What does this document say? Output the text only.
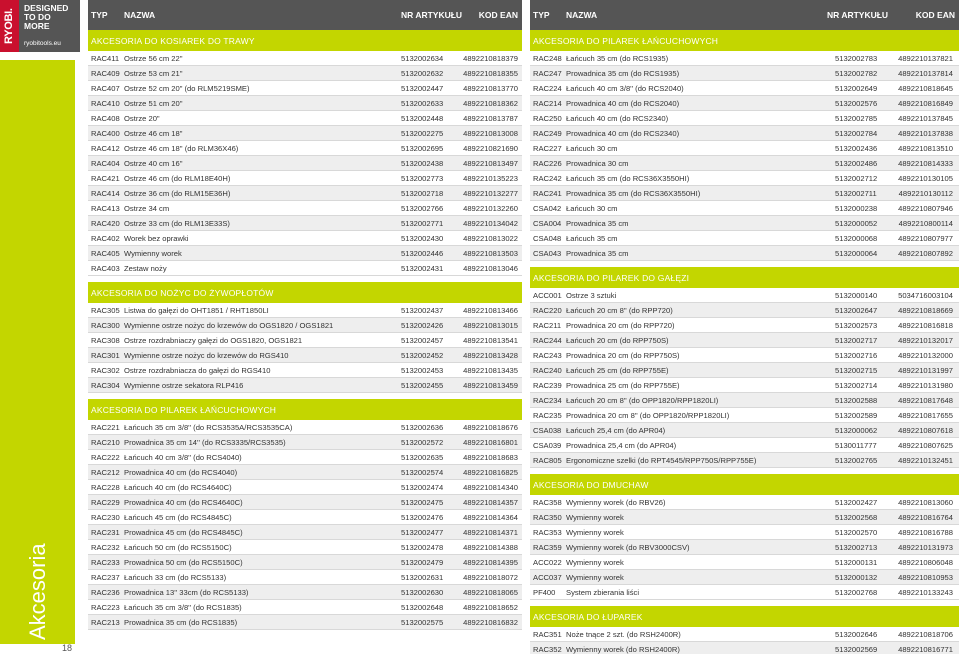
RYOBI.
DESIGNED TO DO MORE
ryobitools.eu
Akcesoria
18
TYP	NAZWA	NR ARTYKUŁU	KOD EAN
AKCESORIA DO KOSIAREK DO TRAWY
RAC411 Ostrze 56 cm 22''	5132002634	4892210818379
RAC409 Ostrze 53 cm 21''	5132002632	4892210818355
RAC407 Ostrze 52 cm 20" (do RLM5219SME)	5132002447	4892210813770
RAC410 Ostrze 51 cm 20''	5132002633	4892210818362
RAC408 Ostrze 20"	5132002448	4892210813787
RAC400 Ostrze 46 cm 18"	5132002275	4892210813008
RAC412 Ostrze 46 cm 18'' (do RLM36X46)	5132002695	4892210821690
RAC404 Ostrze 40 cm 16''	5132002438	4892210813497
RAC421 Ostrze 46 cm (do RLM18E40H)	5132002773	4892210135223
RAC414 Ostrze 36 cm (do RLM15E36H)	5132002718	4892210132277
RAC413 Ostrze 34 cm	5132002766	4892210132260
RAC420 Ostrze 33 cm (do RLM13E33S)	5132002771	4892210134042
RAC402 Worek bez oprawki	5132002430	4892210813022
RAC405 Wymienny worek	5132002446	4892210813503
RAC403 Zestaw noży	5132002431	4892210813046
AKCESORIA DO NOŻYC DO ŻYWOPŁOTÓW
RAC305 Listwa do gałęzi do OHT1851 / RHT1850LI	5132002437	4892210813466
RAC300 Wymienne ostrze nożyc do krzewów do OGS1820 / OGS1821	5132002426	4892210813015
RAC308 Ostrze rozdrabniaczy gałęzi do OGS1820, OGS1821	5132002457	4892210813541
RAC301 Wymienne ostrze nożyc do krzewów do RGS410	5132002452	4892210813428
RAC302 Ostrze rozdrabniacza do gałęzi do RGS410	5132002453	4892210813435
RAC304 Wymienne ostrze sekatora RLP416	5132002455	4892210813459
AKCESORIA DO PILAREK ŁAŃCUCHOWYCH
RAC221 Łańcuch 35 cm 3/8'' (do RCS3535A/RCS3535CA)	5132002636	4892210818676
RAC210 Prowadnica 35 cm 14'' (do RCS3335/RCS3535)	5132002572	4892210816801
RAC222 Łańcuch 40 cm 3/8'' (do RCS4040)	5132002635	4892210818683
RAC212 Prowadnica 40 cm (do RCS4040)	5132002574	4892210816825
RAC228 Łańcuch 40 cm (do RCS4640C)	5132002474	4892210814340
RAC229 Prowadnica 40 cm (do RCS4640C)	5132002475	4892210814357
RAC230 Łańcuch 45 cm (do RCS4845C)	5132002476	4892210814364
RAC231 Prowadnica 45 cm (do RCS4845C)	5132002477	4892210814371
RAC232 Łańcuch 50 cm (do RCS5150C)	5132002478	4892210814388
RAC233 Prowadnica 50 cm (do RCS5150C)	5132002479	4892210814395
RAC237 Łańcuch 33 cm (do RCS5133)	5132002631	4892210818072
RAC236 Prowadnica 13'' 33cm (do RCS5133)	5132002630	4892210818065
RAC223 Łańcuch 35 cm 3/8'' (do RCS1835)	5132002648	4892210818652
RAC213 Prowadnica 35 cm (do RCS1835)	5132002575	4892210816832
TYP	NAZWA	NR ARTYKUŁU	KOD EAN
AKCESORIA DO PILAREK ŁAŃCUCHOWYCH
RAC248 Łańcuch 35 cm (do RCS1935)	5132002783	4892210137821
RAC247 Prowadnica 35 cm (do RCS1935)	5132002782	4892210137814
RAC224 Łańcuch 40 cm 3/8'' (do RCS2040)	5132002649	4892210818645
RAC214 Prowadnica 40 cm (do RCS2040)	5132002576	4892210816849
RAC250 Łańcuch 40 cm (do RCS2340)	5132002785	4892210137845
RAC249 Prowadnica 40 cm (do RCS2340)	5132002784	4892210137838
RAC227 Łańcuch 30 cm	5132002436	4892210813510
RAC226 Prowadnica 30 cm	5132002486	4892210814333
RAC242 Łańcuch 35 cm (do RCS36X3550HI)	5132002712	4892210130105
RAC241 Prowadnica 35 cm (do RCS36X3550HI)	5132002711	4892210130112
CSA042 Łańcuch 30 cm	5132000238	4892210807946
CSA004 Prowadnica 35 cm	5132000052	4892210800114
CSA048 Łańcuch 35 cm	5132000068	4892210807977
CSA043 Prowadnica 35 cm	5132000064	4892210807892
AKCESORIA DO PILAREK DO GAŁĘZI
ACC001 Ostrze 3 sztuki	5132000140	5034716003104
RAC220 Łańcuch 20 cm 8'' (do RPP720)	5132002647	4892210818669
RAC211 Prowadnica 20 cm (do RPP720)	5132002573	4892210816818
RAC244 Łańcuch 20 cm (do RPP750S)	5132002717	4892210132017
RAC243 Prowadnica 20 cm (do RPP750S)	5132002716	4892210132000
RAC240 Łańcuch 25 cm (do RPP755E)	5132002715	4892210131997
RAC239 Prowadnica 25 cm (do RPP755E)	5132002714	4892210131980
RAC234 Łańcuch 20 cm 8'' (do OPP1820/RPP1820LI)	5132002588	4892210817648
RAC235 Prowadnica 20 cm 8'' (do OPP1820/RPP1820LI)	5132002589	4892210817655
CSA038 Łańcuch 25,4 cm (do APR04)	5132000062	4892210807618
CSA039 Prowadnica 25,4 cm (do APR04)	5130011777	4892210807625
RAC805 Ergonomiczne szelki (do RPT4545/RPP750S/RPP755E)	5132002765	4892210132451
AKCESORIA DO DMUCHAW
RAC358 Wymienny worek (do RBV26)	5132002427	4892210813060
RAC350 Wymienny worek	5132002568	4892210816764
RAC353 Wymienny worek	5132002570	4892210816788
RAC359 Wymienny worek (do RBV3000CSV)	5132002713	4892210131973
ACC022 Wymienny worek	5132000131	4892210806048
ACC037 Wymienny worek	5132000132	4892210810953
PF400	System zbierania liści	5132002768	4892210133243
AKCESORIA DO ŁUPAREK
RAC351 Noże tnące 2 szt. (do RSH2400R)	5132002646	4892210818706
RAC352 Wymienny worek (do RSH2400R)	5132002569	4892210816771
